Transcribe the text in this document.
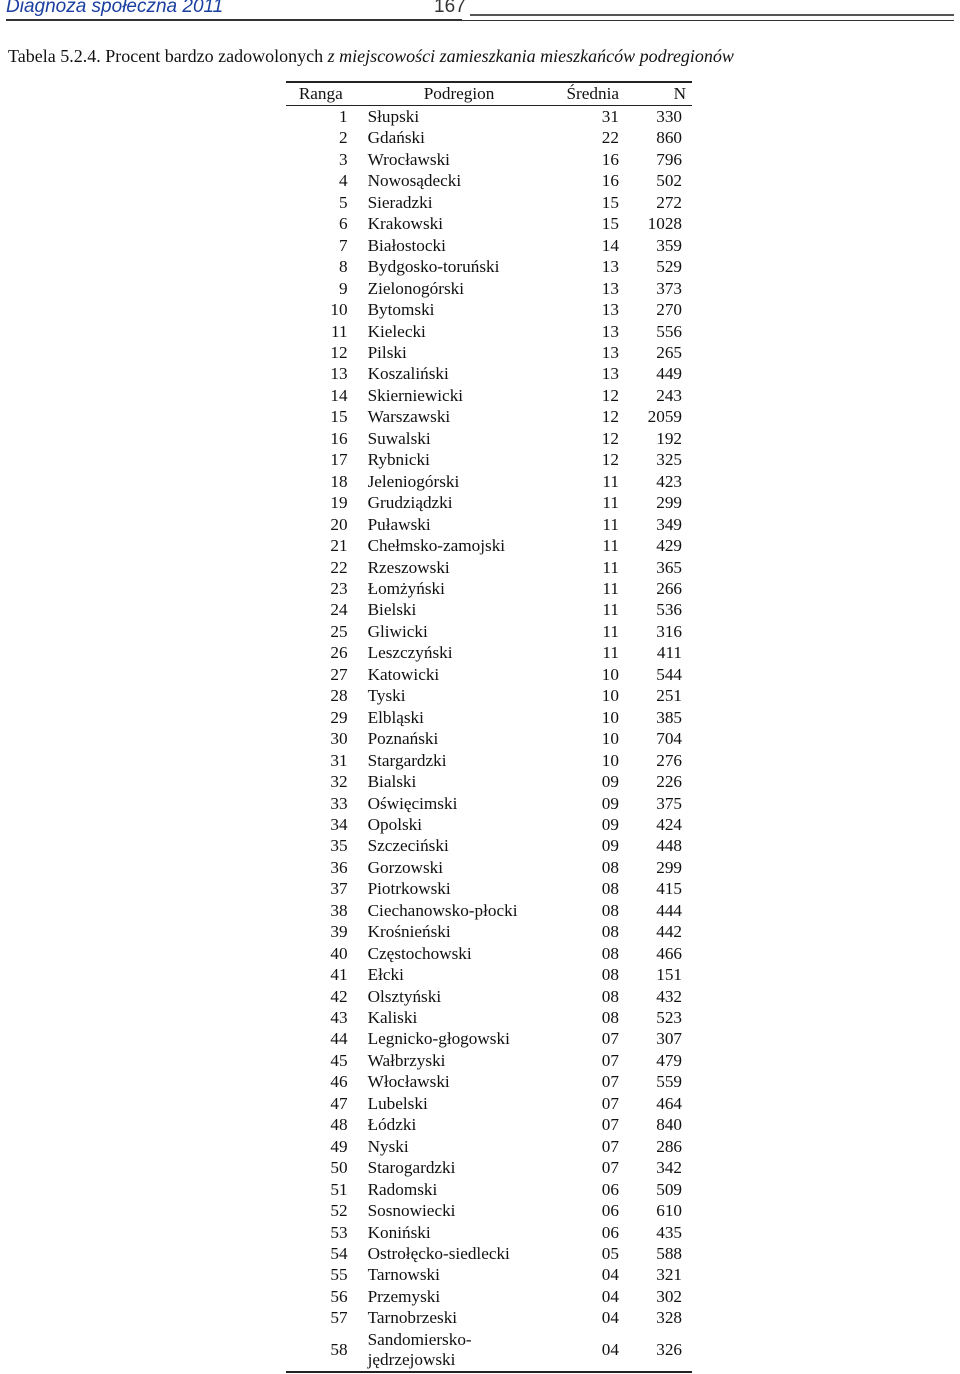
Diagnoza społeczna 2011	167
Tabela 5.2.4. Procent bardzo zadowolonych z miejscowości zamieszkania mieszkańców podregionów
Ranga	Podregion	Średnia	N
1	Słupski	31	330
2	Gdański	22	860
3	Wrocławski	16	796
4	Nowosądecki	16	502
5	Sieradzki	15	272
6	Krakowski	15	1028
7	Białostocki	14	359
8	Bydgosko-toruński	13	529
9	Zielonogórski	13	373
10	Bytomski	13	270
11	Kielecki	13	556
12	Pilski	13	265
13	Koszaliński	13	449
14	Skierniewicki	12	243
15	Warszawski	12	2059
16	Suwalski	12	192
17	Rybnicki	12	325
18	Jeleniogórski	11	423
19	Grudziądzki	11	299
20	Puławski	11	349
21	Chełmsko-zamojski	11	429
22	Rzeszowski	11	365
23	Łomżyński	11	266
24	Bielski	11	536
25	Gliwicki	11	316
26	Leszczyński	11	411
27	Katowicki	10	544
28	Tyski	10	251
29	Elbląski	10	385
30	Poznański	10	704
31	Stargardzki	10	276
32	Bialski	09	226
33	Oświęcimski	09	375
34	Opolski	09	424
35	Szczeciński	09	448
36	Gorzowski	08	299
37	Piotrkowski	08	415
38	Ciechanowsko-płocki	08	444
39	Krośnieński	08	442
40	Częstochowski	08	466
41	Ełcki	08	151
42	Olsztyński	08	432
43	Kaliski	08	523
44	Legnicko-głogowski	07	307
45	Wałbrzyski	07	479
46	Włocławski	07	559
47	Lubelski	07	464
48	Łódzki	07	840
49	Nyski	07	286
50	Starogardzki	07	342
51	Radomski	06	509
52	Sosnowiecki	06	610
53	Koniński	06	435
54	Ostrołęcko-siedlecki	05	588
55	Tarnowski	04	321
56	Przemyski	04	302
57	Tarnobrzeski	04	328
58	Sandomiersko-
jędrzejowski	04	326
